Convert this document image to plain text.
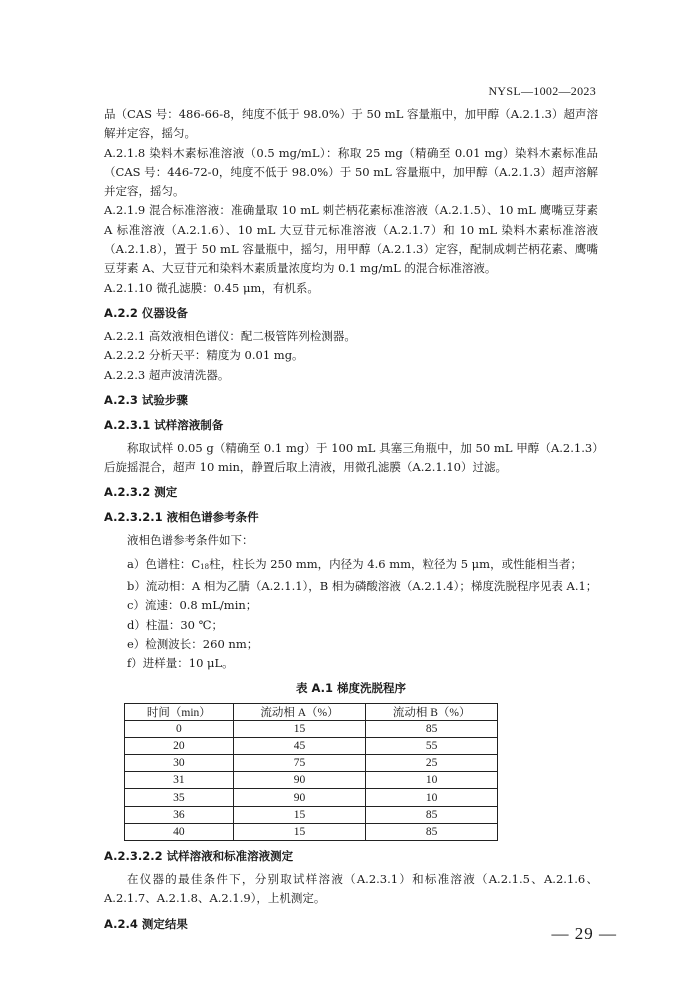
NYSL—1002—2023
品（CAS 号：486-66-8，纯度不低于 98.0%）于 50 mL 容量瓶中，加甲醇（A.2.1.3）超声溶解并定容，摇匀。
A.2.1.8 染料木素标准溶液（0.5 mg/mL）：称取 25 mg（精确至 0.01 mg）染料木素标准品（CAS 号：446-72-0，纯度不低于 98.0%）于 50 mL 容量瓶中，加甲醇（A.2.1.3）超声溶解并定容，摇匀。
A.2.1.9 混合标准溶液：准确量取 10 mL 刺芒柄花素标准溶液（A.2.1.5）、10 mL 鹰嘴豆芽素 A 标准溶液（A.2.1.6）、10 mL 大豆苷元标准溶液（A.2.1.7）和 10 mL 染料木素标准溶液（A.2.1.8），置于 50 mL 容量瓶中，摇匀，用甲醇（A.2.1.3）定容，配制成刺芒柄花素、鹰嘴豆芽素 A、大豆苷元和染料木素质量浓度均为 0.1 mg/mL 的混合标准溶液。
A.2.1.10 微孔滤膜：0.45 μm，有机系。
A.2.2 仪器设备
A.2.2.1 高效液相色谱仪：配二极管阵列检测器。
A.2.2.2 分析天平：精度为 0.01 mg。
A.2.2.3 超声波清洗器。
A.2.3 试验步骤
A.2.3.1 试样溶液制备
称取试样 0.05 g（精确至 0.1 mg）于 100 mL 具塞三角瓶中，加 50 mL 甲醇（A.2.1.3）后旋摇混合，超声 10 min，静置后取上清液，用微孔滤膜（A.2.1.10）过滤。
A.2.3.2 测定
A.2.3.2.1 液相色谱参考条件
液相色谱参考条件如下：
a）色谱柱：$C_{18}$柱，柱长为 250 mm，内径为 4.6 mm，粒径为 5 μm，或性能相当者；
b）流动相：A 相为乙腈（A.2.1.1），B 相为磷酸溶液（A.2.1.4）；梯度洗脱程序见表 A.1；
c）流速：0.8 mL/min；
d）柱温：30 ℃；
e）检测波长：260 nm；
f）进样量：10 μL。
表 A.1 梯度洗脱程序
时间（min）	流动相 A（%）	流动相 B（%）
0	15	85
20	45	55
30	75	25
31	90	10
35	90	10
36	15	85
40	15	85
A.2.3.2.2 试样溶液和标准溶液测定
在仪器的最佳条件下，分别取试样溶液（A.2.3.1）和标准溶液（A.2.1.5、A.2.1.6、A.2.1.7、A.2.1.8、A.2.1.9），上机测定。
A.2.4 测定结果
— 29 —
